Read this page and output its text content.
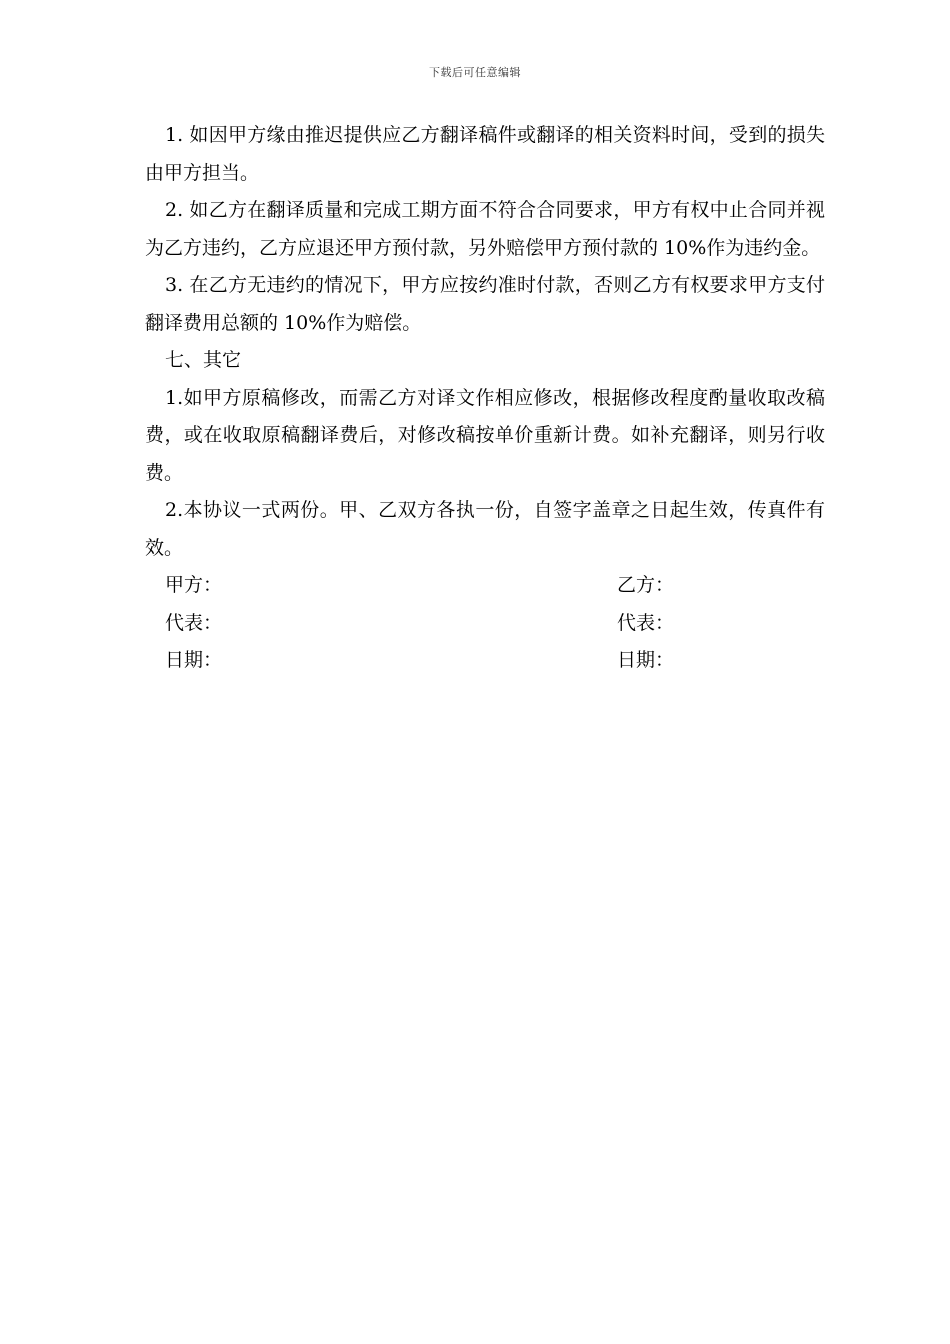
下载后可任意编辑

1. 如因甲方缘由推迟提供应乙方翻译稿件或翻译的相关资料时间，受到的损失由甲方担当。

2. 如乙方在翻译质量和完成工期方面不符合合同要求，甲方有权中止合同并视为乙方违约，乙方应退还甲方预付款，另外赔偿甲方预付款的 10%作为违约金。

3. 在乙方无违约的情况下，甲方应按约准时付款，否则乙方有权要求甲方支付翻译费用总额的 10%作为赔偿。

七、其它

1.如甲方原稿修改，而需乙方对译文作相应修改，根据修改程度酌量收取改稿费，或在收取原稿翻译费后，对修改稿按单价重新计费。如补充翻译，则另行收费。

2.本协议一式两份。甲、乙双方各执一份，自签字盖章之日起生效，传真件有效。

甲方：	乙方：
代表：	代表：
日期：	日期：
